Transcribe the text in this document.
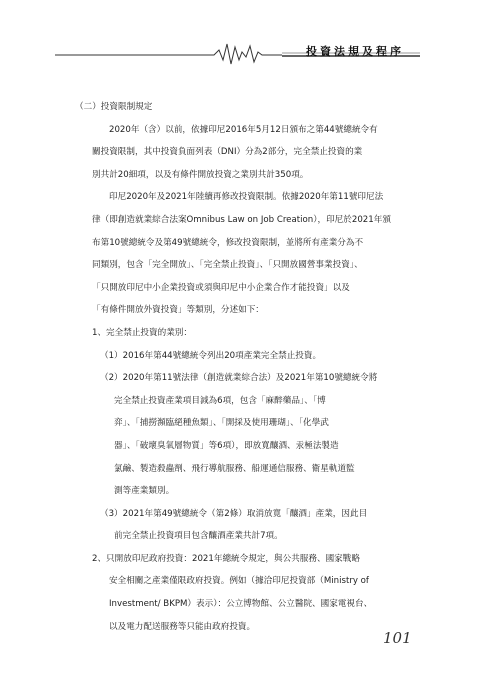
投資法規及程序
（二）投資限制規定
2020年（含）以前，依據印尼2016年5月12日頒布之第44號總統令有
關投資限制，其中投資負面列表（DNI）分為2部分，完全禁止投資的業
別共計20細項，以及有條件開放投資之業別共計350項。
印尼2020年及2021年陸續再修改投資限制。依據2020年第11號印尼法
律（即創造就業綜合法案Omnibus Law on Job Creation），印尼於2021年頒
布第10號總統令及第49號總統令，修改投資限制，並將所有產業分為不
同類別，包含「完全開放」、「完全禁止投資」、「只開放國營事業投資」、
「只開放印尼中小企業投資或須與印尼中小企業合作才能投資」以及
「有條件開放外資投資」等類別，分述如下：
1、完全禁止投資的業別：
（1）2016年第44號總統令列出20項產業完全禁止投資。
（2）2020年第11號法律（創造就業綜合法）及2021年第10號總統令將
完全禁止投資產業項目減為6項，包含「麻醉藥品」、「博
弈」、「捕撈瀕臨絕種魚類」、「開採及使用珊瑚」、「化學武
器」、「破壞臭氧層物質」等6項），即放寬釀酒、汞極法製造
氯鹼、製造殺蟲劑、飛行導航服務、船運通信服務、衛星軌道監
測等產業類別。
（3）2021年第49號總統令（第2條）取消放寬「釀酒」產業，因此目
前完全禁止投資項目包含釀酒產業共計7項。
2、只開放印尼政府投資：2021年總統令規定，與公共服務、國家戰略
安全相關之產業僅限政府投資。例如（據洽印尼投資部（Ministry of
Investment/ BKPM）表示）：公立博物館、公立醫院、國家電視台、
以及電力配送服務等只能由政府投資。
101
